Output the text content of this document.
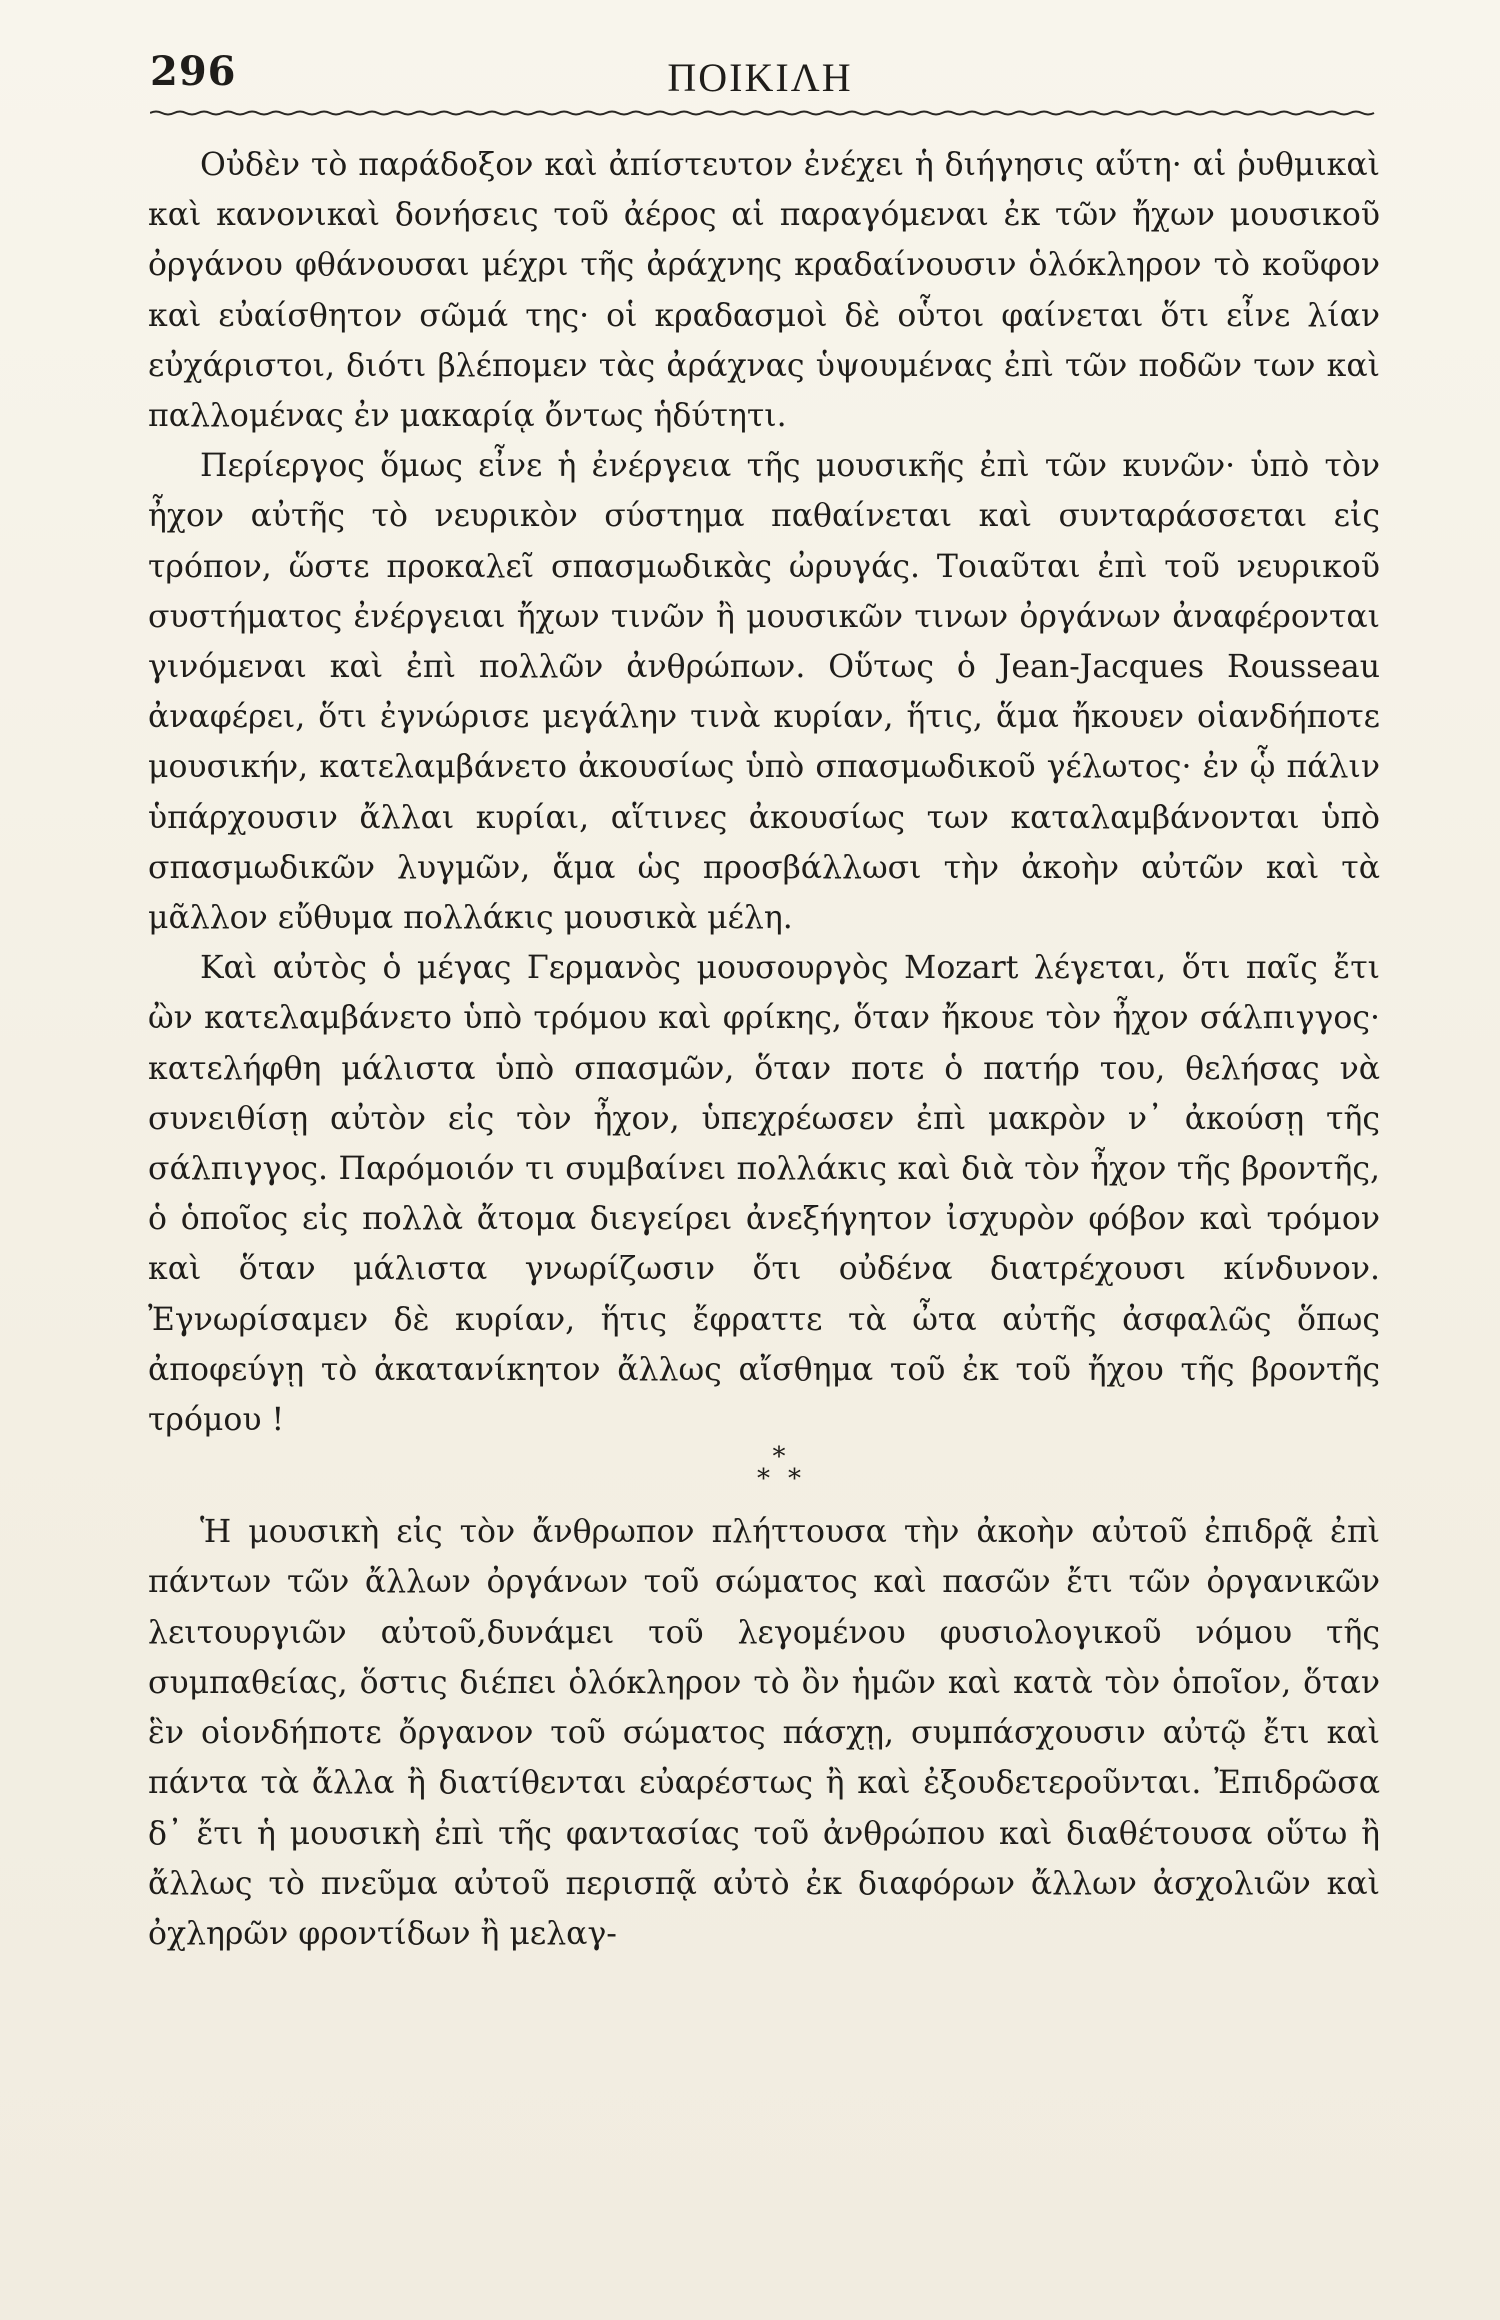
296	ΠΟΙΚΙΛΗ

Οὐδὲν τὸ παράδοξον καὶ ἀπίστευτον ἐνέχει ἡ διήγησις αὕτη· αἱ ῥυθμικαὶ καὶ κανονικαὶ δονήσεις τοῦ ἀέρος αἱ παραγόμεναι ἐκ τῶν ἤχων μουσικοῦ ὀργάνου φθάνουσαι μέχρι τῆς ἀράχνης κραδαίνουσιν ὁλόκληρον τὸ κοῦφον καὶ εὐαίσθητον σῶμά της· οἱ κραδασμοὶ δὲ οὗτοι φαίνεται ὅτι εἶνε λίαν εὐχάριστοι, διότι βλέπομεν τὰς ἀράχνας ὑψουμένας ἐπὶ τῶν ποδῶν των καὶ παλλομένας ἐν μακαρίᾳ ὄντως ἡδύτητι.

Περίεργος ὅμως εἶνε ἡ ἐνέργεια τῆς μουσικῆς ἐπὶ τῶν κυνῶν· ὑπὸ τὸν ἦχον αὐτῆς τὸ νευρικὸν σύστημα παθαίνεται καὶ συνταράσσεται εἰς τρόπον, ὥστε προκαλεῖ σπασμωδικὰς ὠρυγάς. Τοιαῦται ἐπὶ τοῦ νευρικοῦ συστήματος ἐνέργειαι ἤχων τινῶν ἢ μουσικῶν τινων ὀργάνων ἀναφέρονται γινόμεναι καὶ ἐπὶ πολλῶν ἀνθρώπων. Οὕτως ὁ Jean-Jacques Rousseau ἀναφέρει, ὅτι ἐγνώρισε μεγάλην τινὰ κυρίαν, ἥτις, ἅμα ἤκουεν οἱανδήποτε μουσικήν, κατελαμβάνετο ἀκουσίως ὑπὸ σπασμωδικοῦ γέλωτος· ἐν ᾧ πάλιν ὑπάρχουσιν ἄλλαι κυρίαι, αἵτινες ἀκουσίως των καταλαμβάνονται ὑπὸ σπασμωδικῶν λυγμῶν, ἅμα ὡς προσβάλλωσι τὴν ἀκοὴν αὐτῶν καὶ τὰ μᾶλλον εὔθυμα πολλάκις μουσικὰ μέλη.

Καὶ αὐτὸς ὁ μέγας Γερμανὸς μουσουργὸς Mozart λέγεται, ὅτι παῖς ἔτι ὢν κατελαμβάνετο ὑπὸ τρόμου καὶ φρίκης, ὅταν ἤκουε τὸν ἦχον σάλπιγγος· κατελήφθη μάλιστα ὑπὸ σπασμῶν, ὅταν ποτε ὁ πατήρ του, θελήσας νὰ συνειθίσῃ αὐτὸν εἰς τὸν ἦχον, ὑπεχρέωσεν ἐπὶ μακρὸν ν᾽ ἀκούσῃ τῆς σάλπιγγος. Παρόμοιόν τι συμβαίνει πολλάκις καὶ διὰ τὸν ἦχον τῆς βροντῆς, ὁ ὁποῖος εἰς πολλὰ ἄτομα διεγείρει ἀνεξήγητον ἰσχυρὸν φόβον καὶ τρόμον καὶ ὅταν μάλιστα γνωρίζωσιν ὅτι οὐδένα διατρέχουσι κίνδυνον. Ἐγνωρίσαμεν δὲ κυρίαν, ἥτις ἔφραττε τὰ ὦτα αὐτῆς ἀσφαλῶς ὅπως ἀποφεύγῃ τὸ ἀκατανίκητον ἄλλως αἴσθημα τοῦ ἐκ τοῦ ἤχου τῆς βροντῆς τρόμου !

*
**

Ἡ μουσικὴ εἰς τὸν ἄνθρωπον πλήττουσα τὴν ἀκοὴν αὐτοῦ ἐπιδρᾷ ἐπὶ πάντων τῶν ἄλλων ὀργάνων τοῦ σώματος καὶ πασῶν ἔτι τῶν ὀργανικῶν λειτουργιῶν αὐτοῦ,δυνάμει τοῦ λεγομένου φυσιολογικοῦ νόμου τῆς συμπαθείας, ὅστις διέπει ὁλόκληρον τὸ ὂν ἡμῶν καὶ κατὰ τὸν ὁποῖον, ὅταν ἓν οἱονδήποτε ὄργανον τοῦ σώματος πάσχῃ, συμπάσχουσιν αὐτῷ ἔτι καὶ πάντα τὰ ἄλλα ἢ διατίθενται εὐαρέστως ἢ καὶ ἐξουδετεροῦνται. Ἐπιδρῶσα δ᾽ ἔτι ἡ μουσικὴ ἐπὶ τῆς φαντασίας τοῦ ἀνθρώπου καὶ διαθέτουσα οὕτω ἢ ἄλλως τὸ πνεῦμα αὐτοῦ περισπᾷ αὐτὸ ἐκ διαφόρων ἄλλων ἀσχολιῶν καὶ ὀχληρῶν φροντίδων ἢ μελαγ-
